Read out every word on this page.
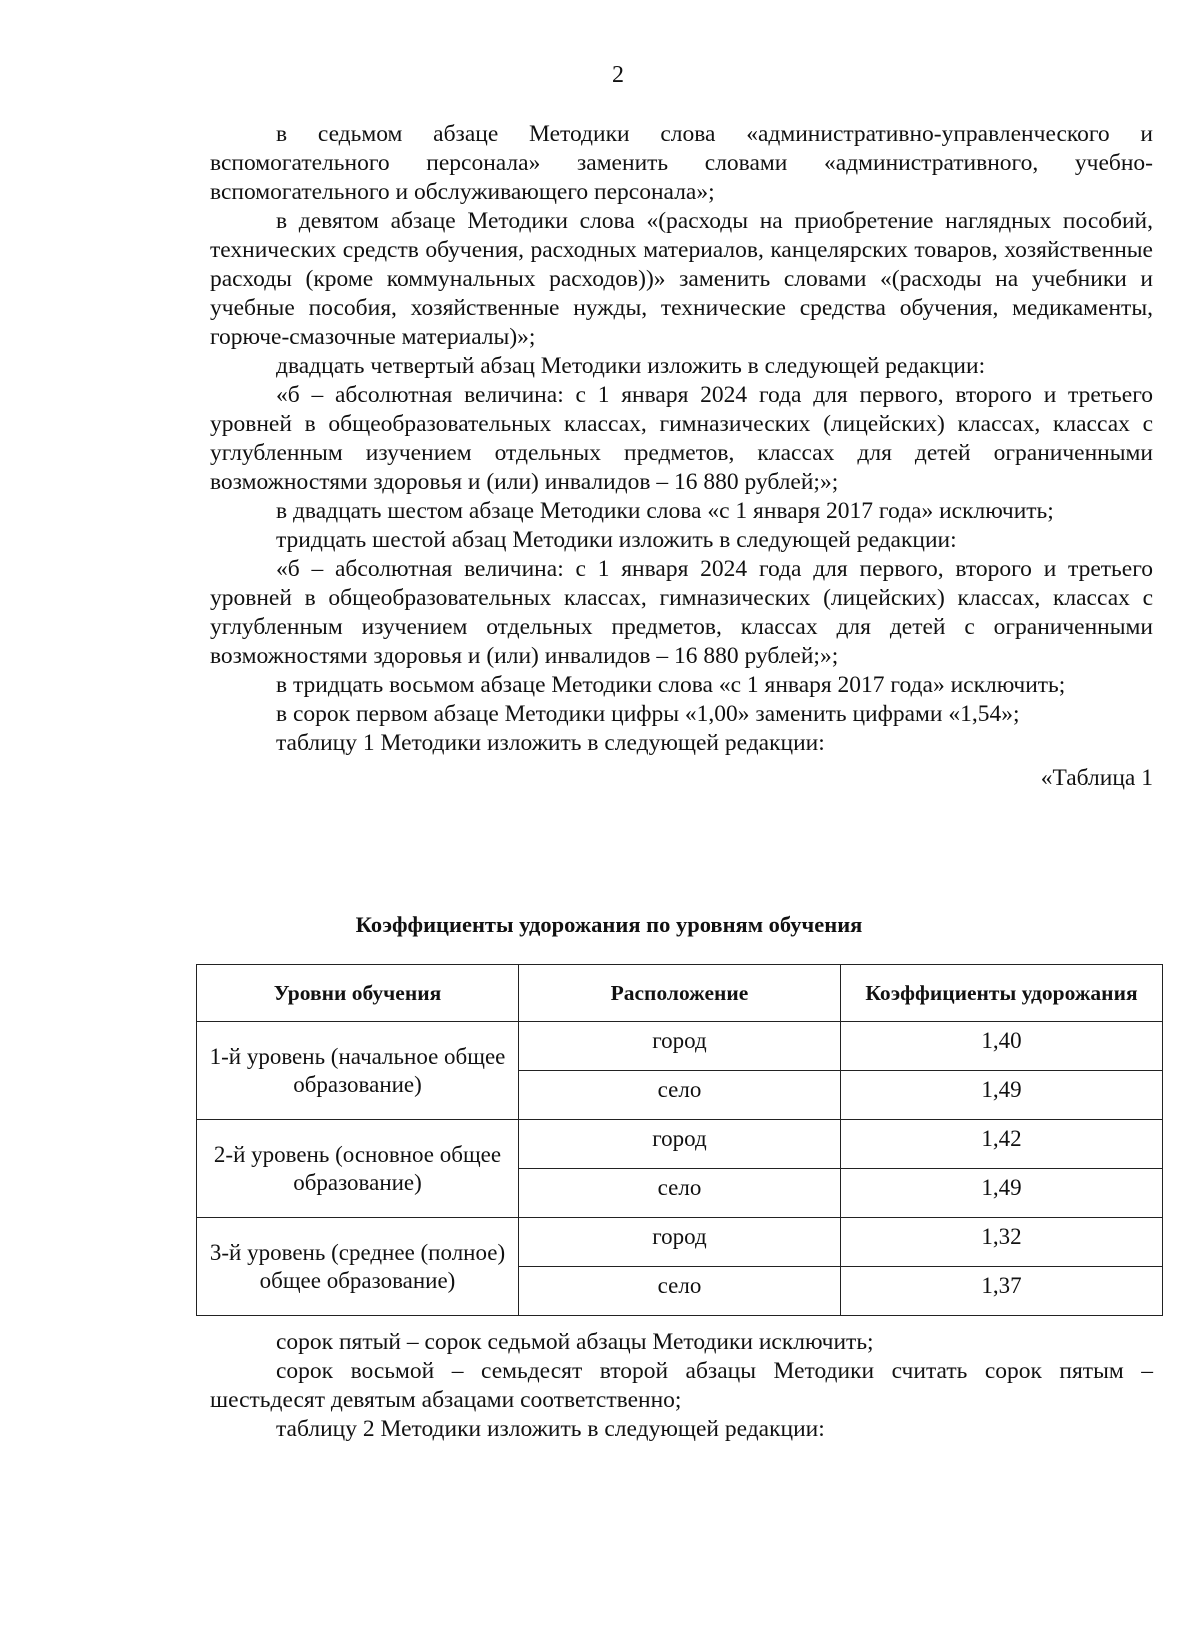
2

в седьмом абзаце Методики слова «административно-управленческого и вспомогательного персонала» заменить словами «административного, учебно-вспомогательного и обслуживающего персонала»;

в девятом абзаце Методики слова «(расходы на приобретение наглядных пособий, технических средств обучения, расходных материалов, канцелярских товаров, хозяйственные расходы (кроме коммунальных расходов))» заменить словами «(расходы на учебники и учебные пособия, хозяйственные нужды, технические средства обучения, медикаменты, горюче-смазочные материалы)»;

двадцать четвертый абзац Методики изложить в следующей редакции:

«б – абсолютная величина: с 1 января 2024 года для первого, второго и третьего уровней в общеобразовательных классах, гимназических (лицейских) классах, классах с углубленным изучением отдельных предметов, классах для детей ограниченными возможностями здоровья и (или) инвалидов – 16 880 рублей;»;

в двадцать шестом абзаце Методики слова «с 1 января 2017 года» исключить;

тридцать шестой абзац Методики изложить в следующей редакции:

«б – абсолютная величина: с 1 января 2024 года для первого, второго и третьего уровней в общеобразовательных классах, гимназических (лицейских) классах, классах с углубленным изучением отдельных предметов, классах для детей с ограниченными возможностями здоровья и (или) инвалидов – 16 880 рублей;»;

в тридцать восьмом абзаце Методики слова «с 1 января 2017 года» исключить;

в сорок первом абзаце Методики цифры «1,00» заменить цифрами «1,54»;

таблицу 1 Методики изложить в следующей редакции:

«Таблица 1

Коэффициенты удорожания по уровням обучения
Уровни обучения	Расположение	Коэффициенты удорожания
1-й уровень (начальное общее образование)	город	1,40
	село	1,49
2-й уровень (основное общее образование)	город	1,42
	село	1,49
3-й уровень (среднее (полное) общее образование)	город	1,32
	село	1,37

сорок пятый – сорок седьмой абзацы Методики исключить;

сорок восьмой – семьдесят второй абзацы Методики считать сорок пятым – шестьдесят девятым абзацами соответственно;

таблицу 2 Методики изложить в следующей редакции:
